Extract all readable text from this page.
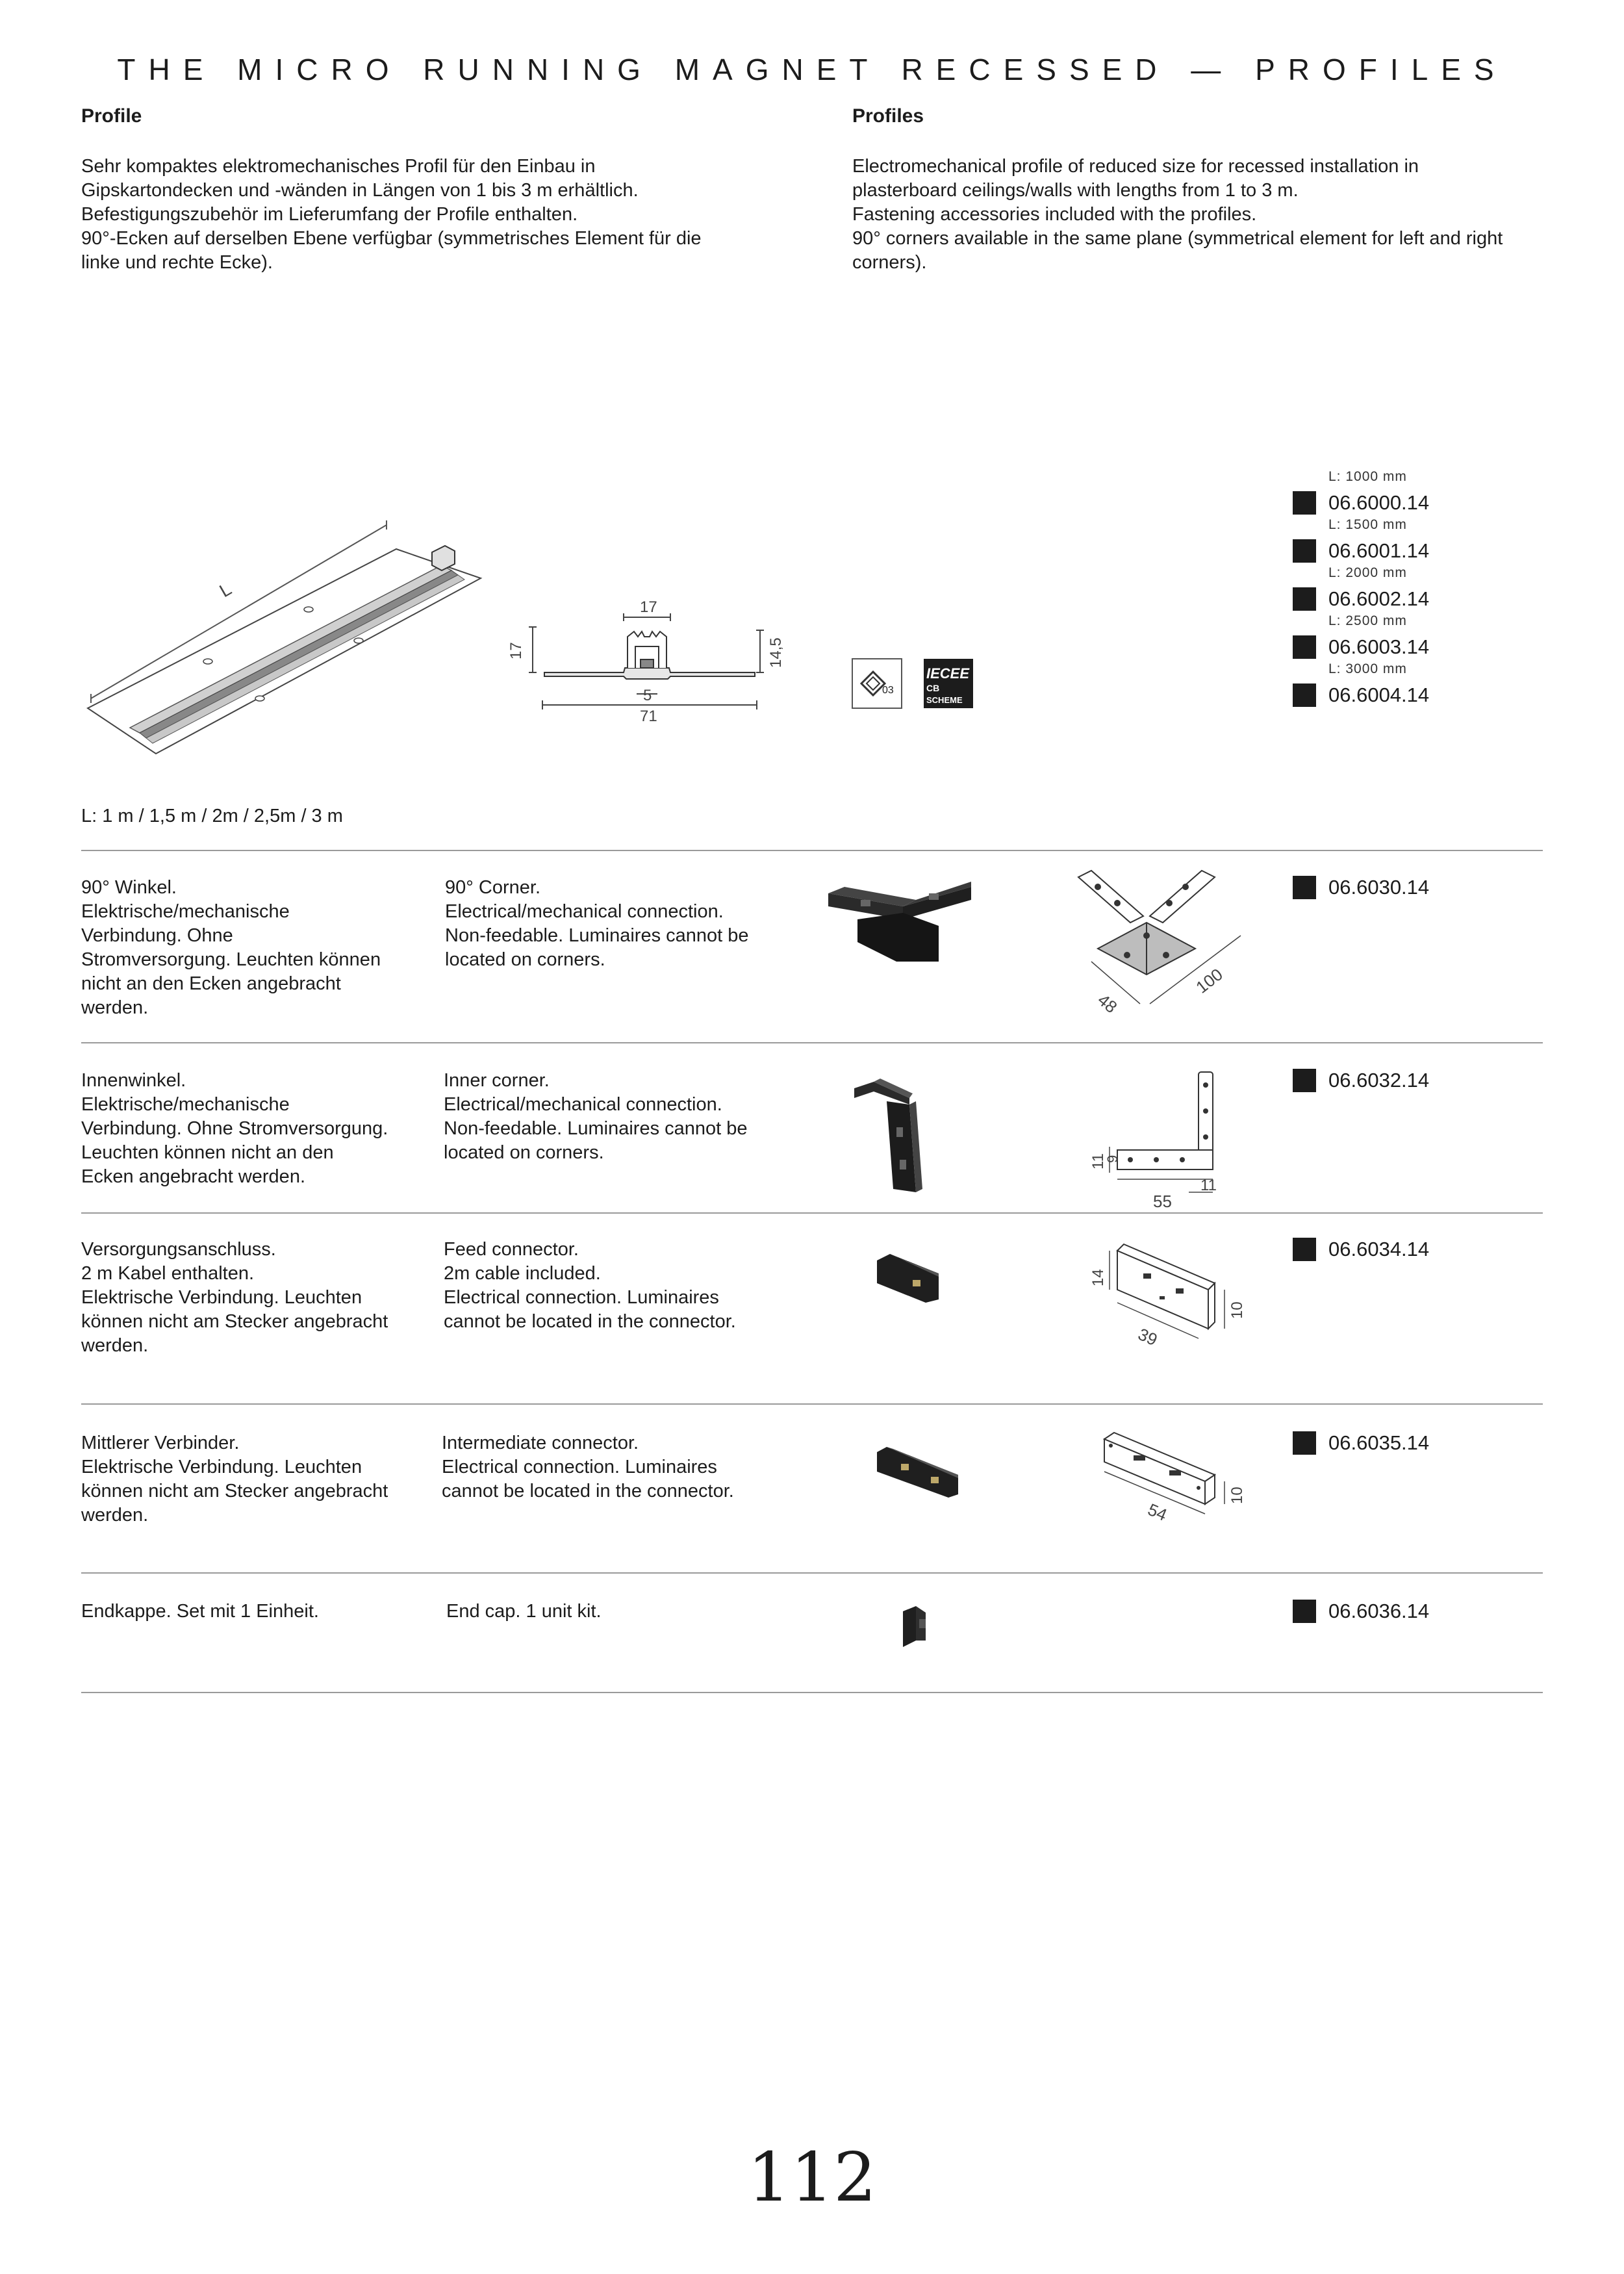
THE MICRO RUNNING MAGNET RECESSED — PROFILES
Profile
Sehr kompaktes elektromechanisches Profil für den Einbau in
Gipskartondecken und -wänden in Längen von 1 bis 3 m erhältlich.
Befestigungszubehör im Lieferumfang der Profile enthalten.
90°-Ecken auf derselben Ebene verfügbar (symmetrisches Element für die
linke und rechte Ecke).
Profiles
Electromechanical profile of reduced size for recessed installation in
plasterboard ceilings/walls with lengths from 1 to 3 m.
Fastening accessories included with the profiles.
90° corners available in the same plane (symmetrical element for left and right
corners).
L
17
17	14,5
5
71
03
IECEE
CB
SCHEME
L: 1000 mm
06.6000.14
L: 1500 mm
06.6001.14
L: 2000 mm
06.6002.14
L: 2500 mm
06.6003.14
L: 3000 mm
06.6004.14
L: 1 m / 1,5 m / 2m / 2,5m / 3 m
90° Winkel.
Elektrische/mechanische
Verbindung. Ohne
Stromversorgung. Leuchten können
nicht an den Ecken angebracht
werden.
90° Corner.
Electrical/mechanical connection.
Non-feedable. Luminaires cannot be
located on corners.
48
100
06.6030.14
Innenwinkel.
Elektrische/mechanische
Verbindung. Ohne Stromversorgung.
Leuchten können nicht an den
Ecken angebracht werden.
Inner corner.
Electrical/mechanical connection.
Non-feedable. Luminaires cannot be
located on corners.	11
9
11
55
06.6032.14
Versorgungsanschluss.
2 m Kabel enthalten.
Elektrische Verbindung. Leuchten
können nicht am Stecker angebracht
werden.
Feed connector.
2m cable included.
Electrical connection. Luminaires
cannot be located in the connector.
14
39
10
06.6034.14
Mittlerer Verbinder.
Elektrische Verbindung. Leuchten
können nicht am Stecker angebracht
werden.
Intermediate connector.
Electrical connection. Luminaires
cannot be located in the connector.
54
10
06.6035.14
Endkappe. Set mit 1 Einheit.	End cap. 1 unit kit.	06.6036.14
112
